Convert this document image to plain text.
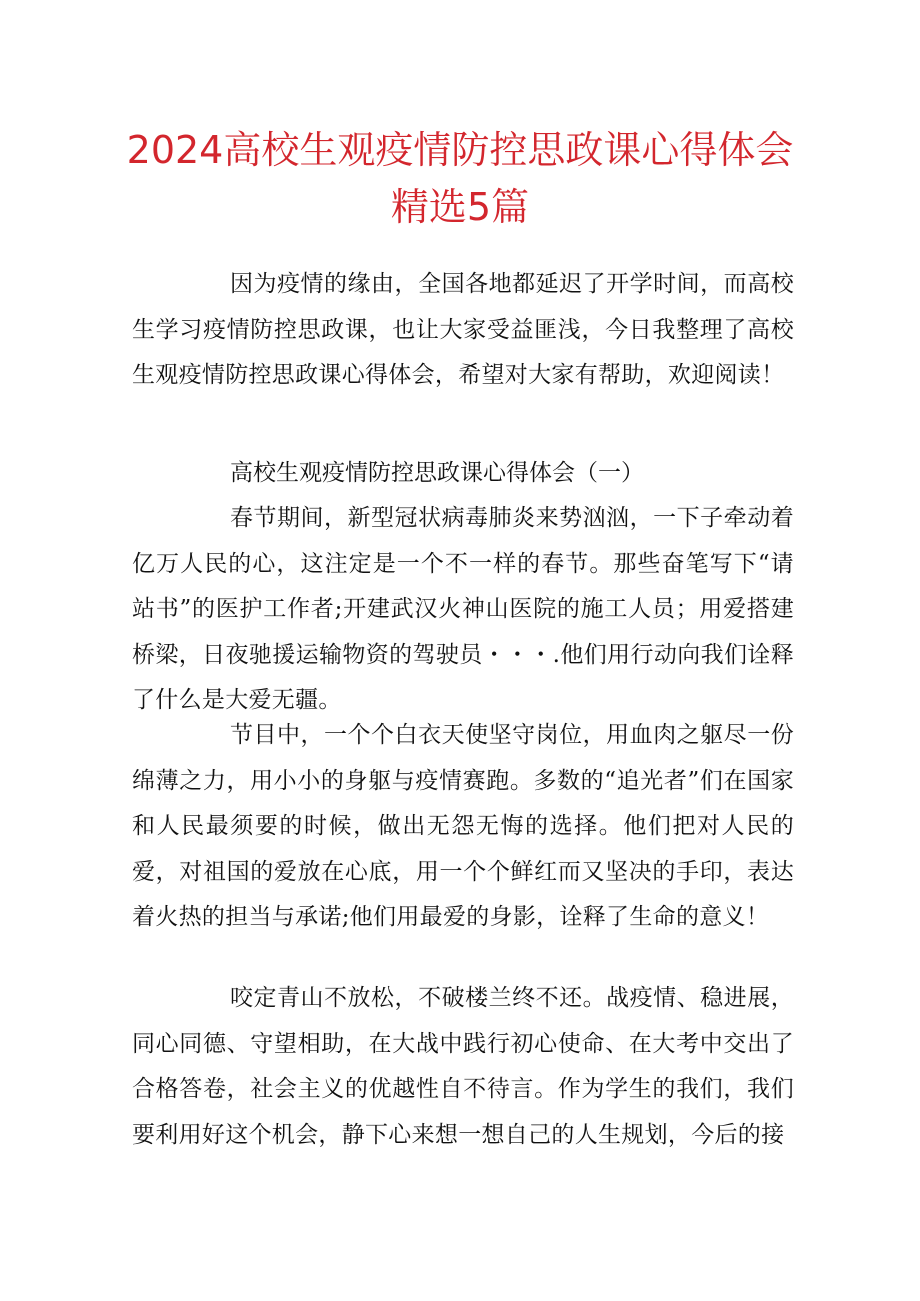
2024高校生观疫情防控思政课心得体会
精选5篇

因为疫情的缘由，全国各地都延迟了开学时间，而高校生学习疫情防控思政课，也让大家受益匪浅，今日我整理了高校生观疫情防控思政课心得体会，希望对大家有帮助，欢迎阅读！

高校生观疫情防控思政课心得体会（一）

春节期间，新型冠状病毒肺炎来势汹汹，一下子牵动着亿万人民的心，这注定是一个不一样的春节。那些奋笔写下“请站书”的医护工作者;开建武汉火神山医院的施工人员；用爱搭建桥梁，日夜驰援运输物资的驾驶员・・・.他们用行动向我们诠释了什么是大爱无疆。

节目中，一个个白衣天使坚守岗位，用血肉之躯尽一份绵薄之力，用小小的身躯与疫情赛跑。多数的“追光者”们在国家和人民最须要的时候，做出无怨无悔的选择。他们把对人民的爱，对祖国的爱放在心底，用一个个鲜红而又坚决的手印，表达着火热的担当与承诺;他们用最爱的身影，诠释了生命的意义！

咬定青山不放松，不破楼兰终不还。战疫情、稳进展，同心同德、守望相助，在大战中践行初心使命、在大考中交出了合格答卷，社会主义的优越性自不待言。作为学生的我们，我们要利用好这个机会，静下心来想一想自己的人生规划，今后的接
